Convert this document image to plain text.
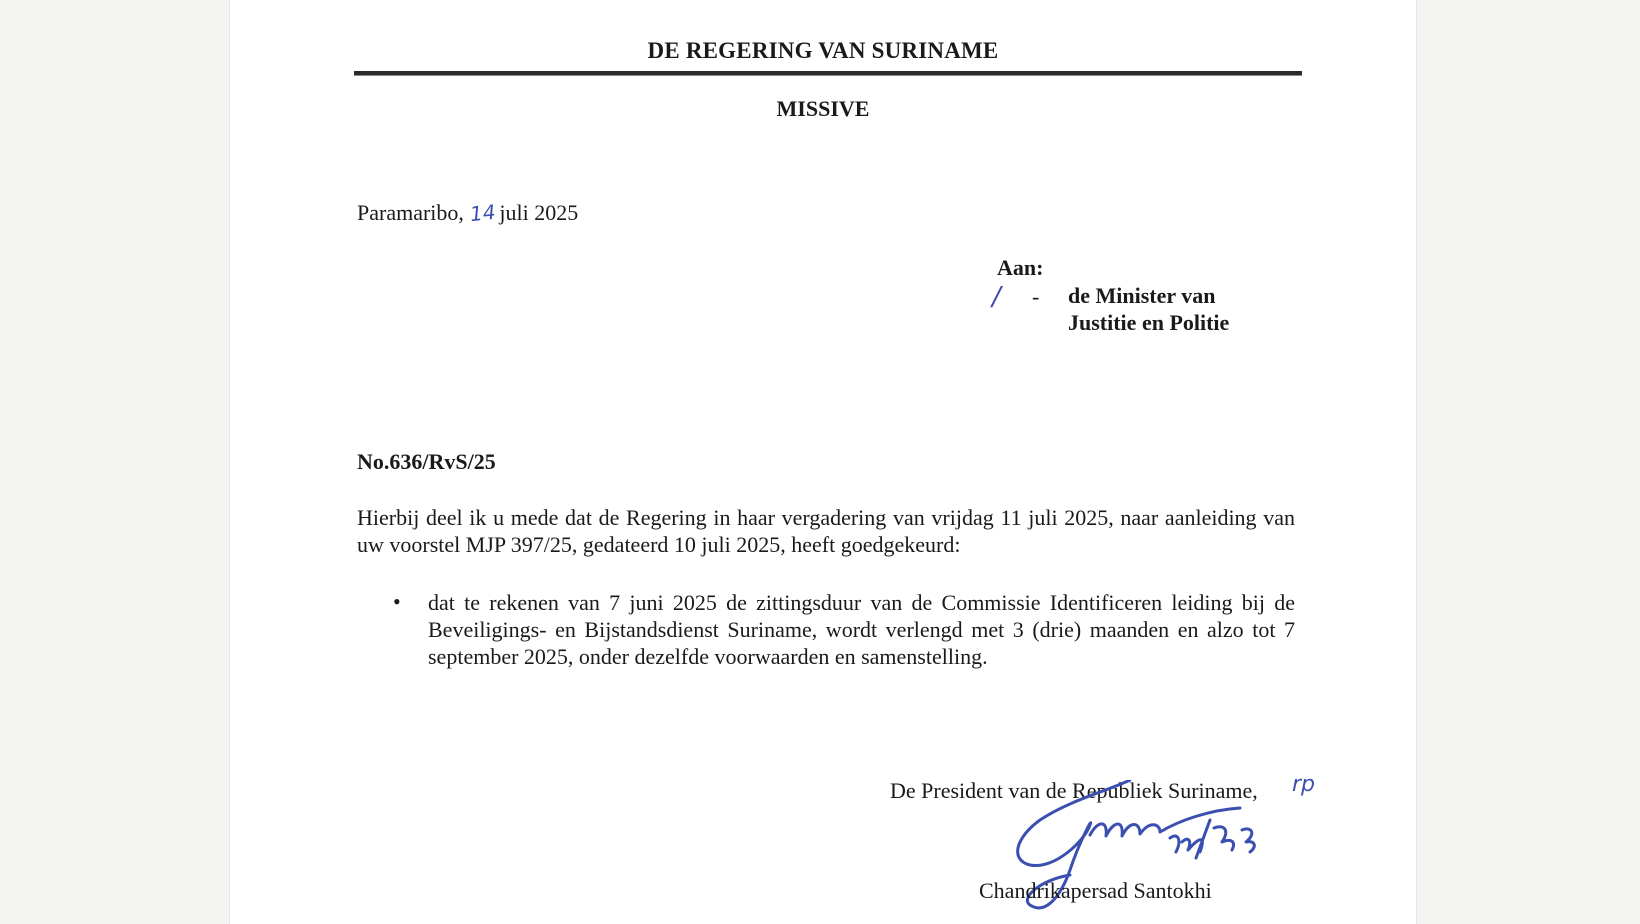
DE REGERING VAN SURINAME
MISSIVE
Paramaribo, 14 juli 2025
Aan:
/ - de Minister van
Justitie en Politie
No.636/RvS/25
Hierbij deel ik u mede dat de Regering in haar vergadering van vrijdag 11 juli 2025, naar aanleiding van uw voorstel MJP 397/25, gedateerd 10 juli 2025, heeft goedgekeurd:
• dat te rekenen van 7 juni 2025 de zittingsduur van de Commissie Identificeren leiding bij de Beveiligings- en Bijstandsdienst Suriname, wordt verlengd met 3 (drie) maanden en alzo tot 7 september 2025, onder dezelfde voorwaarden en samenstelling.
De President van de Republiek Suriname, rp
Chandrikapersad Santokhi
